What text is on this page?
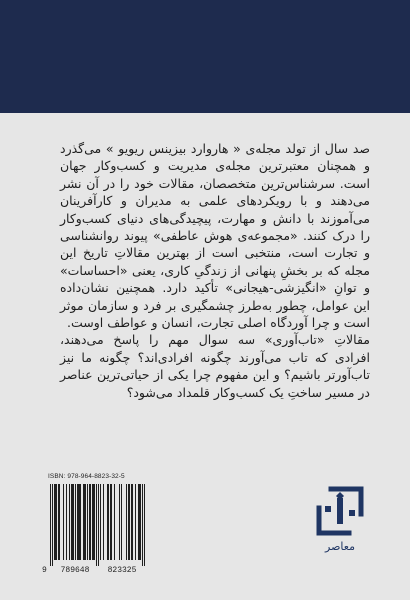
صد سال از تولد مجله‌ی « هاروارد بیزینس ریویو » می‌گذرد
و همچنان معتبرترین مجله‌ی مدیریت و کسب‌وکار جهان
است. سرشناس‌ترین متخصصان، مقالات خود را در آن نشر
می‌دهند و با رویکردهای علمی به مدیران و کارآفرینان
می‌آموزند با دانش و مهارت، پیچیدگی‌های دنیای کسب‌وکار
را درک کنند. «مجموعه‌ی هوش عاطفی» پیوند روانشناسی
و تجارت است، منتخبی است از بهترین مقالاتِ تاریخ این
مجله که بر بخشِ پنهانی از زندگیِ کاری، یعنی «احساسات»
و توانِ «انگیزشی-هیجانی» تأکید دارد. همچنین نشان‌داده
این عوامل، چطور به‌طرز چشمگیری بر فرد و سازمان موثر
است و چرا آوردگاه اصلی تجارت، انسان و عواطف اوست.
مقالاتِ «تاب‌آوری» سه سوال مهم را پاسخ می‌دهند،
افرادی که تاب می‌آورند چگونه افرادی‌اند؟ چگونه ما نیز
تاب‌آورتر باشیم؟ و این مفهوم چرا یکی از حیاتی‌ترین عناصر
در مسیر ساختِ یک کسب‌وکار قلمداد می‌شود؟
ISBN: 978-964-8823-32-5
9 789648 823325
معاصر
